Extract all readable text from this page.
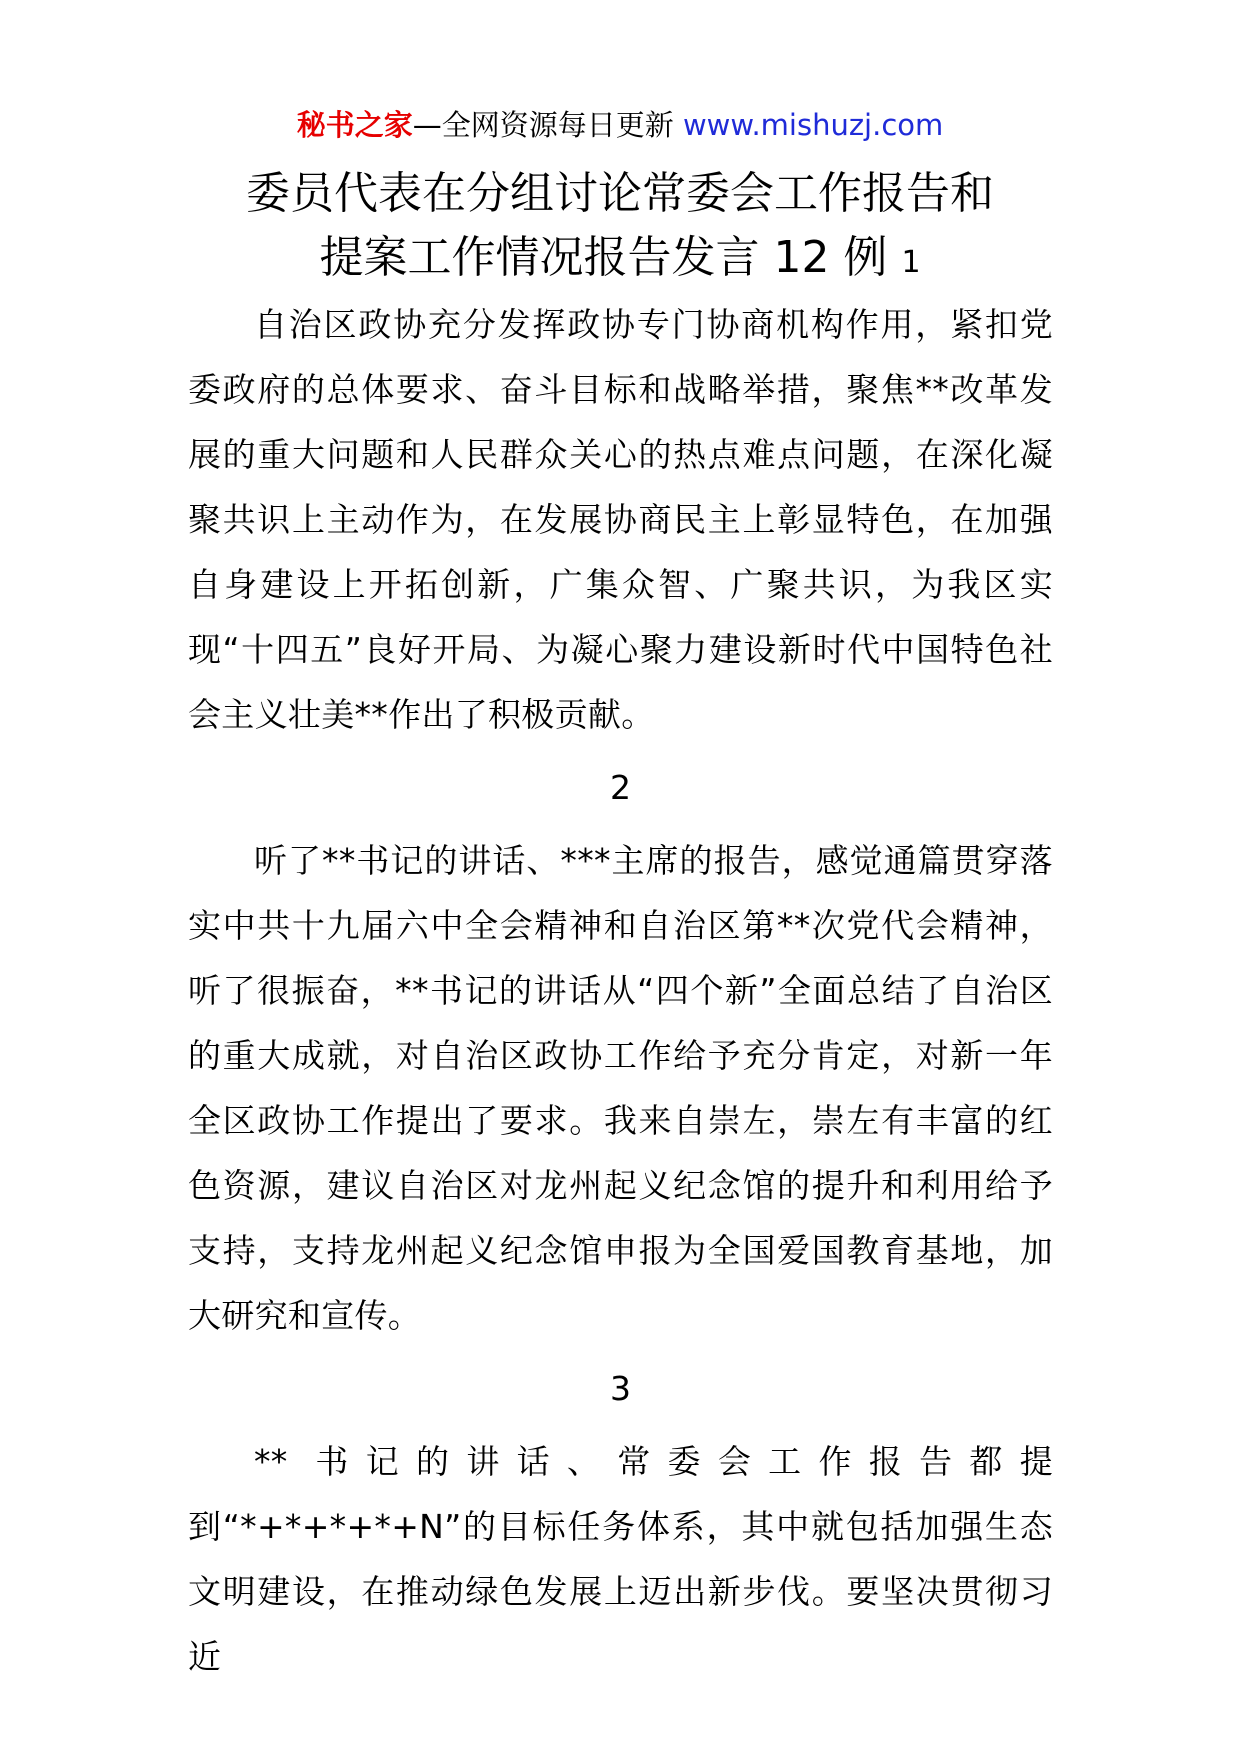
秘书之家—全网资源每日更新 www.mishuzj.com
委员代表在分组讨论常委会工作报告和
提案工作情况报告发言 12 例 1

自治区政协充分发挥政协专门协商机构作用，紧扣党委政府的总体要求、奋斗目标和战略举措，聚焦**改革发展的重大问题和人民群众关心的热点难点问题，在深化凝聚共识上主动作为，在发展协商民主上彰显特色，在加强自身建设上开拓创新，广集众智、广聚共识，为我区实现“十四五”良好开局、为凝心聚力建设新时代中国特色社会主义壮美**作出了积极贡献。

2

听了**书记的讲话、***主席的报告，感觉通篇贯穿落实中共十九届六中全会精神和自治区第**次党代会精神，听了很振奋，**书记的讲话从“四个新”全面总结了自治区的重大成就，对自治区政协工作给予充分肯定，对新一年全区政协工作提出了要求。我来自崇左，崇左有丰富的红色资源，建议自治区对龙州起义纪念馆的提升和利用给予支持，支持龙州起义纪念馆申报为全国爱国教育基地，加大研究和宣传。

3

** 书记的讲话、常委会工作报告都提到“*+*+*+*+N”的目标任务体系，其中就包括加强生态文明建设，在推动绿色发展上迈出新步伐。要坚决贯彻习近
